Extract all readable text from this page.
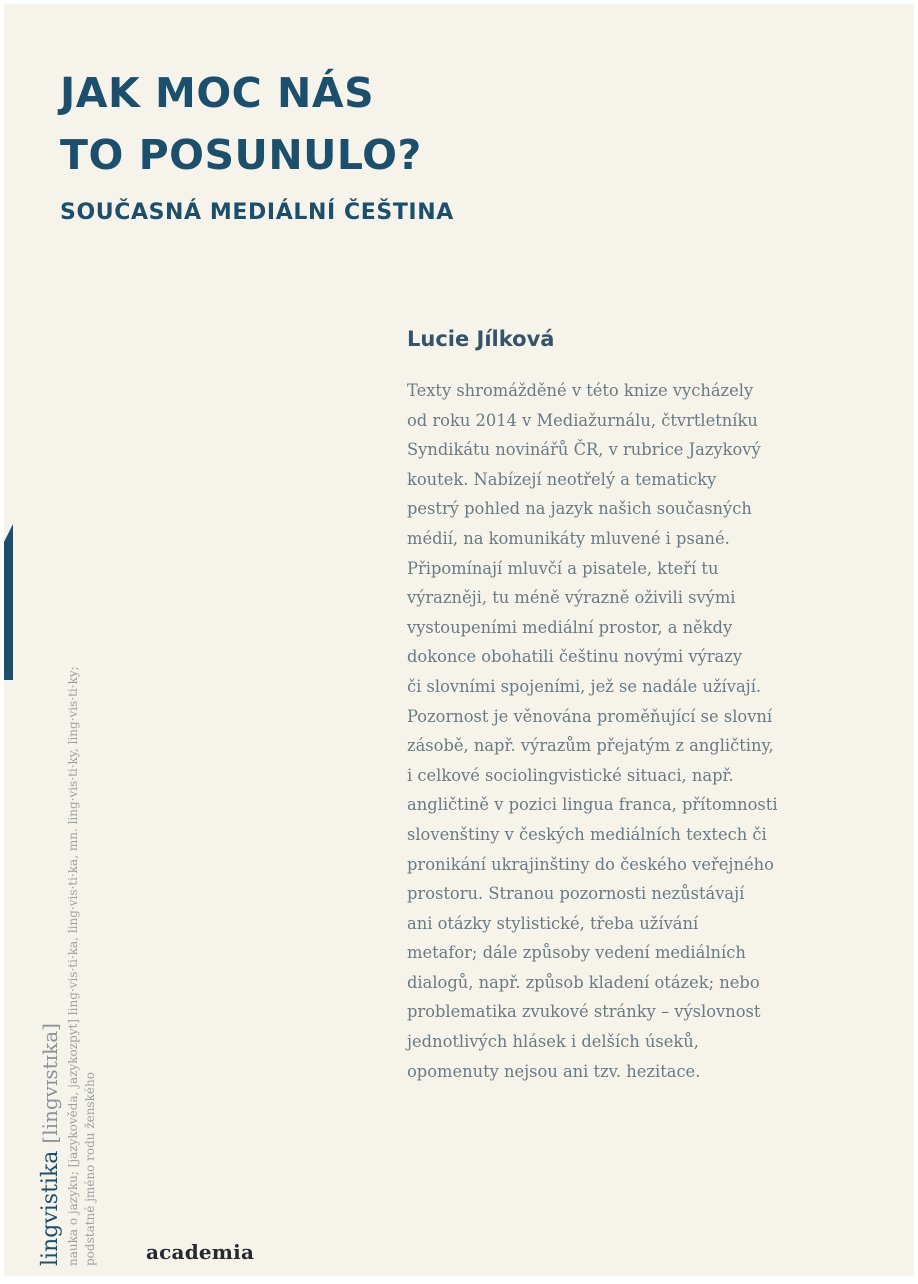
JAK MOC NÁS
TO POSUNULO?
SOUČASNÁ MEDIÁLNÍ ČEŠTINA
Lucie Jílková
Texty shromážděné v této knize vycházely
od roku 2014 v Mediažurnálu, čtvrtletníku
Syndikátu novinářů ČR, v rubrice Jazykový
koutek. Nabízejí neotřelý a tematicky
pestrý pohled na jazyk našich současných
médií, na komunikáty mluvené i psané.
Připomínají mluvčí a pisatele, kteří tu
výrazněji, tu méně výrazně oživili svými
vystoupeními mediální prostor, a někdy
dokonce obohatili češtinu novými výrazy
či slovními spojeními, jež se nadále užívají.
Pozornost je věnována proměňující se slovní
zásobě, např. výrazům přejatým z angličtiny,
i celkové sociolingvistické situaci, např.
angličtině v pozici lingua franca, přítomnosti
slovenštiny v českých mediálních textech či
pronikání ukrajinštiny do českého veřejného
prostoru. Stranou pozornosti nezůstávají
ani otázky stylistické, třeba užívání
metafor; dále způsoby vedení mediálních
dialogů, např. způsob kladení otázek; nebo
problematika zvukové stránky – výslovnost
jednotlivých hlásek i delších úseků,
opomenuty nejsou ani tzv. hezitace.
lingvistika [lingvɪstɪka] nauka o jazyku; [jazykověda, jazykozpyt] ling·vis·ti·ka, ling·vis·ti·ka, mn. ling·vis·ti·ky, ling·vis·ti·ky; podstatné jméno rodu ženského academia
